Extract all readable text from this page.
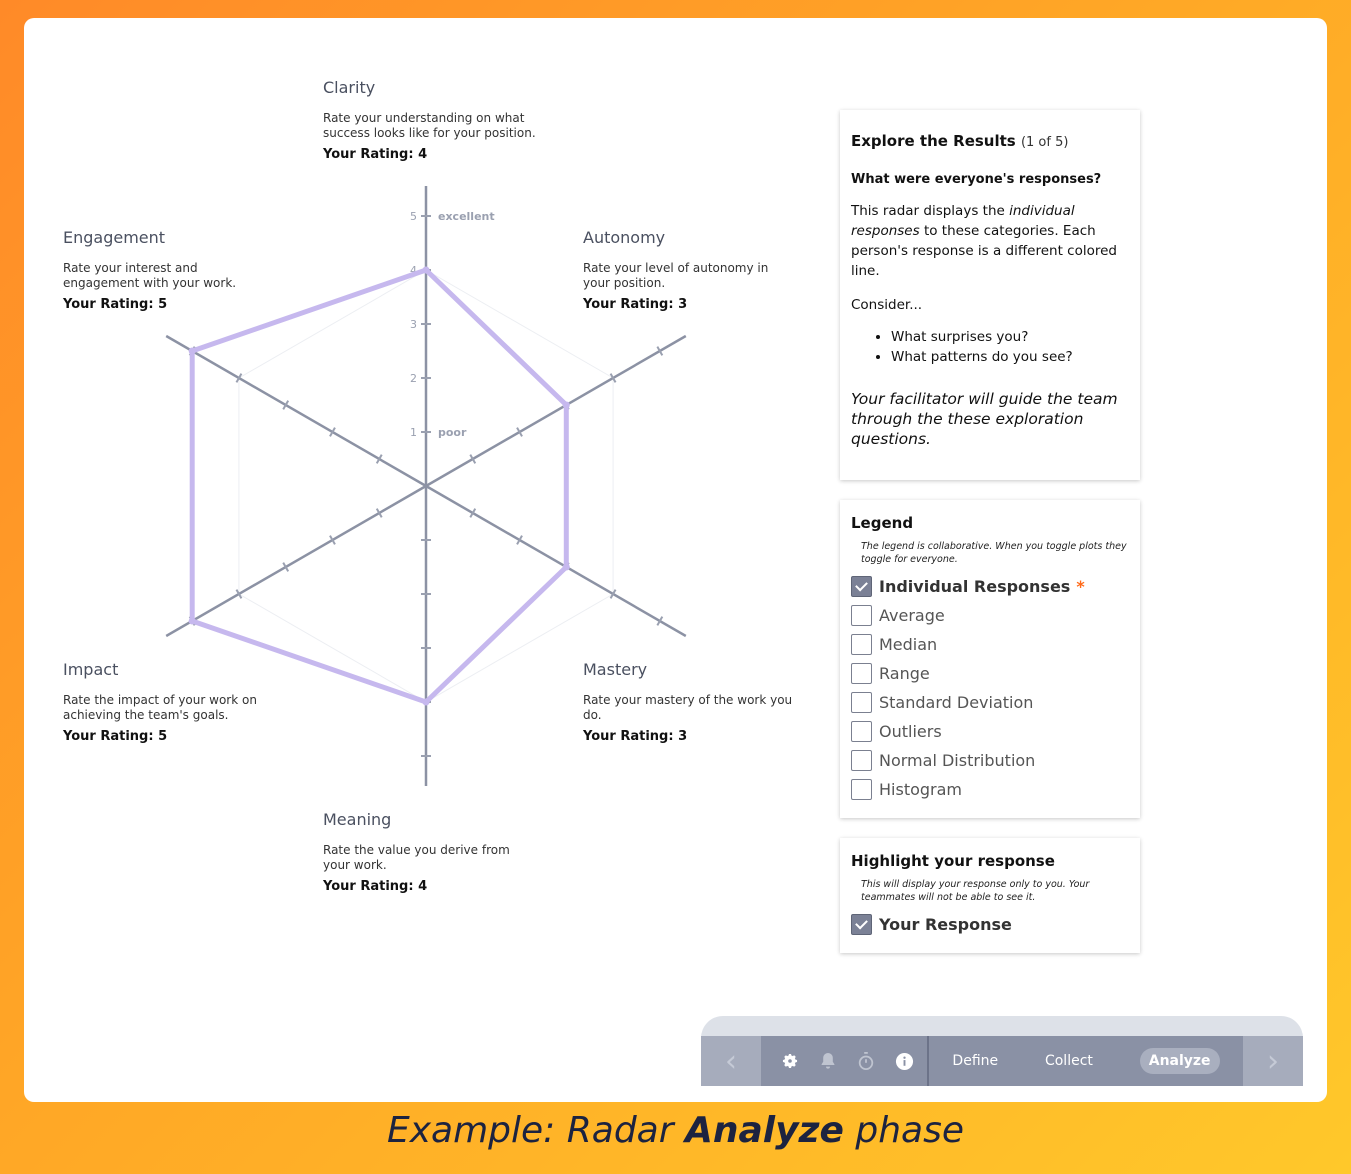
1
2
3
4
5 excellent
poor
Clarity
Rate your understanding on what success looks like for your position.
Your Rating: 4
Autonomy
Rate your level of autonomy in your position.
Your Rating: 3
Mastery
Rate your mastery of the work you do.
Your Rating: 3
Meaning
Rate the value you derive from your work.
Your Rating: 4
Impact
Rate the impact of your work on achieving the team's goals.
Your Rating: 5
Engagement
Rate your interest and engagement with your work.
Your Rating: 5
Explore the Results (1 of 5)
What were everyone's responses?
This radar displays the individual responses to these categories. Each person's response is a different colored line.
Consider...
• What surprises you?
• What patterns do you see?
Your facilitator will guide the team through the these exploration questions.
Legend
The legend is collaborative. When you toggle plots they toggle for everyone.
Individual Responses *
Average
Median
Range
Standard Deviation
Outliers
Normal Distribution
Histogram
Highlight your response
This will display your response only to you. Your teammates will not be able to see it.
Your Response
‹	Define	Collect	Analyze	›
Example: Radar Analyze phase
